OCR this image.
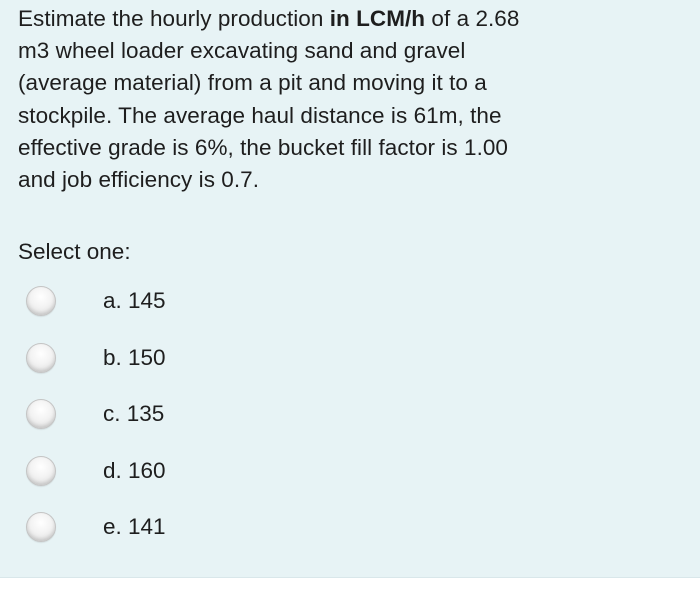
Estimate the hourly production in LCM/h of a 2.68
m3 wheel loader excavating sand and gravel
(average material) from a pit and moving it to a
stockpile. The average haul distance is 61m, the
effective grade is 6%, the bucket fill factor is 1.00
and job efficiency is 0.7.
Select one:
a. 145
b. 150
c. 135
d. 160
e. 141
